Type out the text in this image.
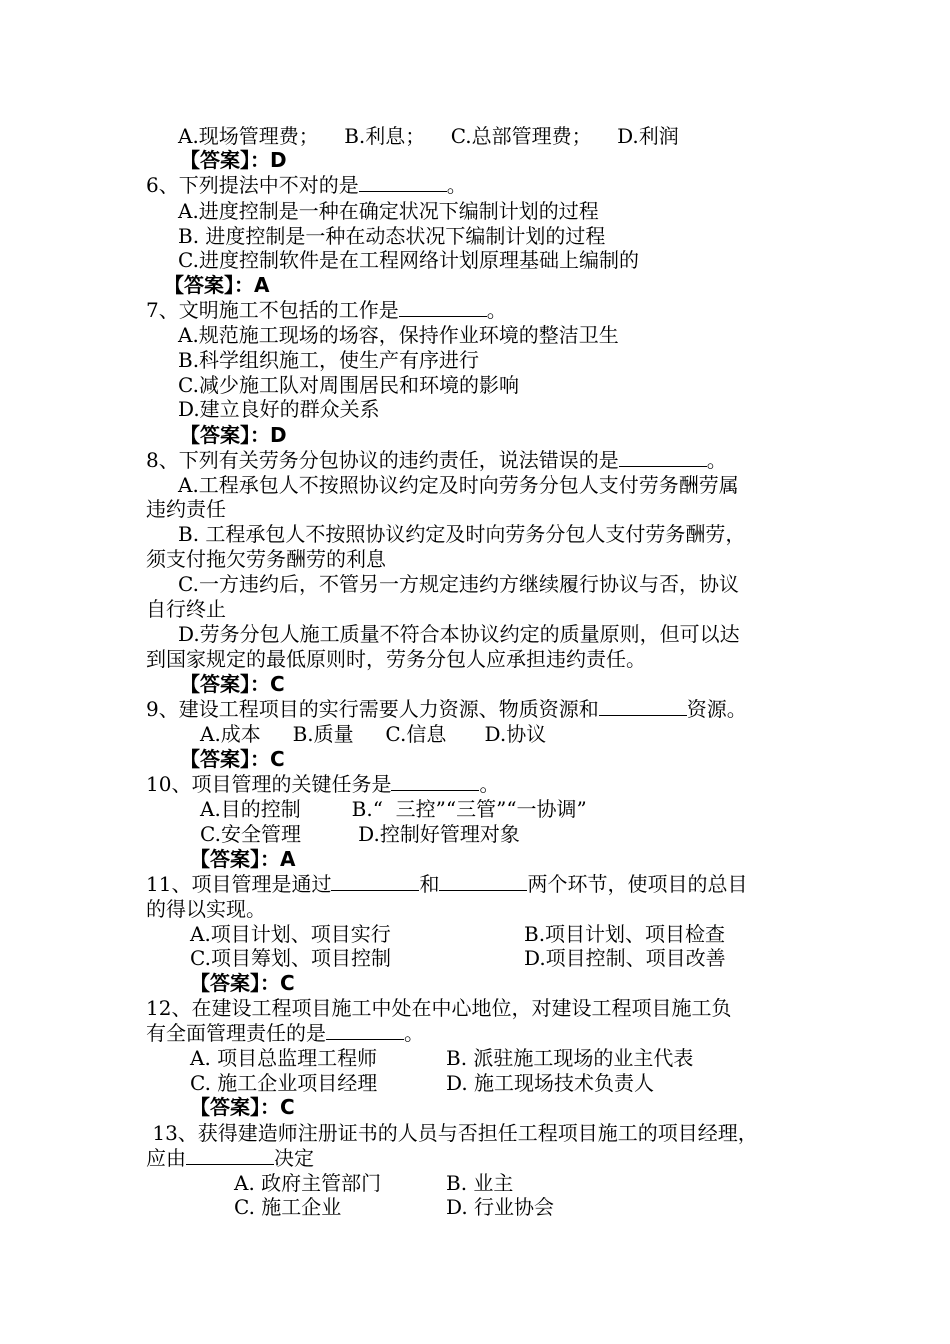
A.现场管理费；    B.利息；    C.总部管理费；    D.利润
【答案】：D
6、下列提法中不对的是	。
A.进度控制是一种在确定状况下编制计划的过程
B. 进度控制是一种在动态状况下编制计划的过程
C.进度控制软件是在工程网络计划原理基础上编制的
【答案】：A
7、文明施工不包括的工作是	。
A.规范施工现场的场容，保持作业环境的整洁卫生
B.科学组织施工，使生产有序进行
C.减少施工队对周围居民和环境的影响
D.建立良好的群众关系
【答案】：D
8、下列有关劳务分包协议的违约责任，说法错误的是	。
A.工程承包人不按照协议约定及时向劳务分包人支付劳务酬劳属
违约责任
B. 工程承包人不按照协议约定及时向劳务分包人支付劳务酬劳，
须支付拖欠劳务酬劳的利息
C.一方违约后，不管另一方规定违约方继续履行协议与否，协议
自行终止
D.劳务分包人施工质量不符合本协议约定的质量原则，但可以达
到国家规定的最低原则时，劳务分包人应承担违约责任。
【答案】：C
9、建设工程项目的实行需要人力资源、物质资源和	资源。
A.成本     B.质量     C.信息      D.协议
【答案】：C
10、项目管理的关键任务是	。
A.目的控制        B.“  三控”“三管”“一协调”
C.安全管理         D.控制好管理对象
【答案】：A
11、项目管理是通过	和	两个环节，使项目的总目
的得以实现。
A.项目计划、项目实行	B.项目计划、项目检查
C.项目筹划、项目控制	D.项目控制、项目改善
【答案】：C
12、在建设工程项目施工中处在中心地位，对建设工程项目施工负
有全面管理责任的是	。
A. 项目总监理工程师	B. 派驻施工现场的业主代表
C. 施工企业项目经理	D. 施工现场技术负责人
【答案】：C
13、获得建造师注册证书的人员与否担任工程项目施工的项目经理，
应由	决定
A. 政府主管部门	B. 业主
C. 施工企业	D. 行业协会
